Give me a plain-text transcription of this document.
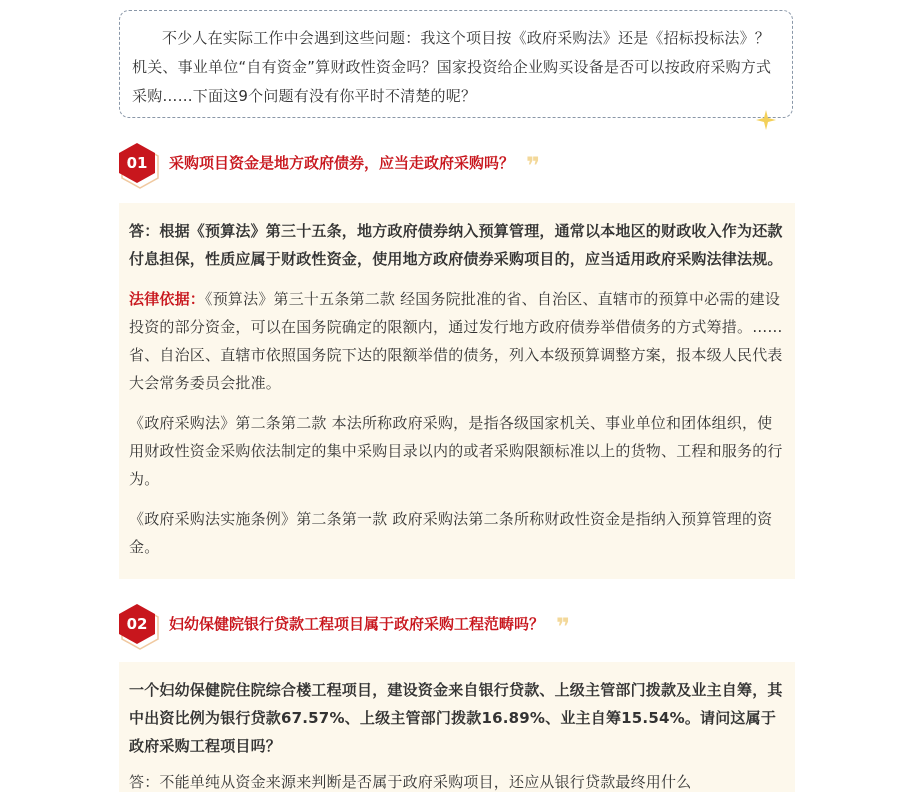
不少人在实际工作中会遇到这些问题：我这个项目按《政府采购法》还是《招标投标法》？机关、事业单位“自有资金”算财政性资金吗？国家投资给企业购买设备是否可以按政府采购方式采购……下面这9个问题有没有你平时不清楚的呢？

01	采购项目资金是地方政府债券，应当走政府采购吗？ ❞

答：根据《预算法》第三十五条，地方政府债券纳入预算管理，通常以本地区的财政收入作为还款付息担保，性质应属于财政性资金，使用地方政府债券采购项目的，应当适用政府采购法律法规。

法律依据：《预算法》第三十五条第二款 经国务院批准的省、自治区、直辖市的预算中必需的建设投资的部分资金，可以在国务院确定的限额内，通过发行地方政府债券举借债务的方式筹措。……省、自治区、直辖市依照国务院下达的限额举借的债务，列入本级预算调整方案，报本级人民代表大会常务委员会批准。

《政府采购法》第二条第二款 本法所称政府采购，是指各级国家机关、事业单位和团体组织，使用财政性资金采购依法制定的集中采购目录以内的或者采购限额标准以上的货物、工程和服务的行为。

《政府采购法实施条例》第二条第一款 政府采购法第二条所称财政性资金是指纳入预算管理的资金。

02	妇幼保健院银行贷款工程项目属于政府采购工程范畴吗？ ❞

一个妇幼保健院住院综合楼工程项目，建设资金来自银行贷款、上级主管部门拨款及业主自筹，其中出资比例为银行贷款67.57%、上级主管部门拨款16.89%、业主自筹15.54%。请问这属于政府采购工程项目吗？

答：不能单纯从资金来源来判断是否属于政府采购项目，还应从银行贷款最终用什么
